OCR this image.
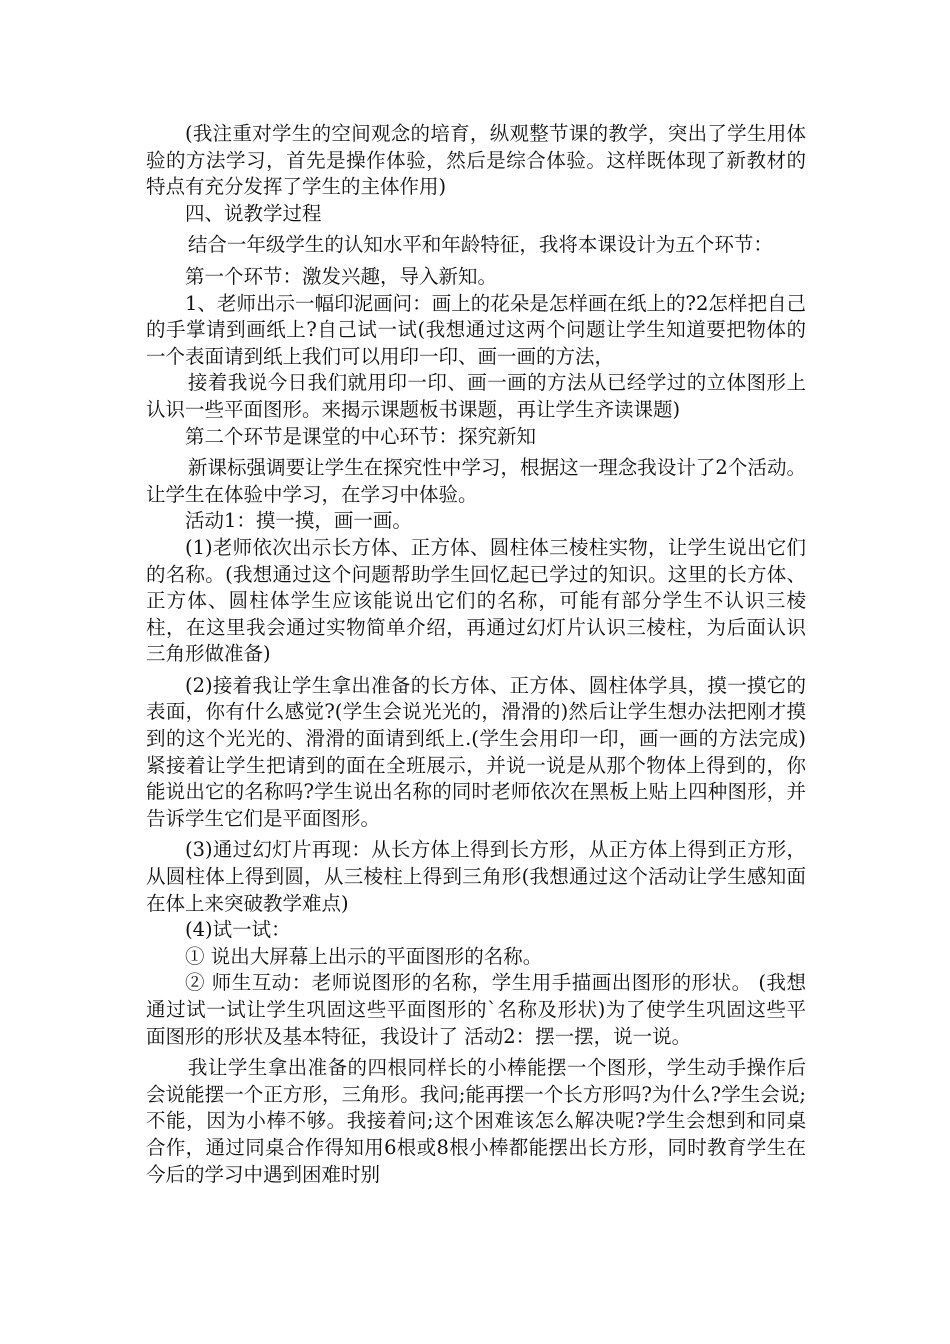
(我注重对学生的空间观念的培育，纵观整节课的教学，突出了学生用体验的方法学习，首先是操作体验，然后是综合体验。这样既体现了新教材的特点有充分发挥了学生的主体作用)

四、说教学过程

结合一年级学生的认知水平和年龄特征，我将本课设计为五个环节：

第一个环节：激发兴趣，导入新知。

1、老师出示一幅印泥画问：画上的花朵是怎样画在纸上的?2怎样把自己的手掌请到画纸上?自己试一试(我想通过这两个问题让学生知道要把物体的一个表面请到纸上我们可以用印一印、画一画的方法，

接着我说今日我们就用印一印、画一画的方法从已经学过的立体图形上认识一些平面图形。来揭示课题板书课题，再让学生齐读课题)

第二个环节是课堂的中心环节：探究新知

新课标强调要让学生在探究性中学习，根据这一理念我设计了2个活动。让学生在体验中学习，在学习中体验。

活动1：摸一摸，画一画。

(1)老师依次出示长方体、正方体、圆柱体三棱柱实物，让学生说出它们的名称。(我想通过这个问题帮助学生回忆起已学过的知识。这里的长方体、正方体、圆柱体学生应该能说出它们的名称，可能有部分学生不认识三棱柱，在这里我会通过实物简单介绍，再通过幻灯片认识三棱柱，为后面认识三角形做准备)

(2)接着我让学生拿出准备的长方体、正方体、圆柱体学具，摸一摸它的表面，你有什么感觉?(学生会说光光的，滑滑的)然后让学生想办法把刚才摸到的这个光光的、滑滑的面请到纸上.(学生会用印一印，画一画的方法完成)紧接着让学生把请到的面在全班展示，并说一说是从那个物体上得到的，你能说出它的名称吗?学生说出名称的同时老师依次在黑板上贴上四种图形，并告诉学生它们是平面图形。

(3)通过幻灯片再现：从长方体上得到长方形，从正方体上得到正方形，从圆柱体上得到圆，从三棱柱上得到三角形(我想通过这个活动让学生感知面在体上来突破教学难点)

(4)试一试：

① 说出大屏幕上出示的平面图形的名称。

② 师生互动：老师说图形的名称，学生用手描画出图形的形状。 (我想通过试一试让学生巩固这些平面图形的`名称及形状)为了使学生巩固这些平面图形的形状及基本特征，我设计了 活动2：摆一摆，说一说。

我让学生拿出准备的四根同样长的小棒能摆一个图形，学生动手操作后会说能摆一个正方形，三角形。我问;能再摆一个长方形吗?为什么?学生会说;不能，因为小棒不够。我接着问;这个困难该怎么解决呢?学生会想到和同桌合作，通过同桌合作得知用6根或8根小棒都能摆出长方形，同时教育学生在今后的学习中遇到困难时别
